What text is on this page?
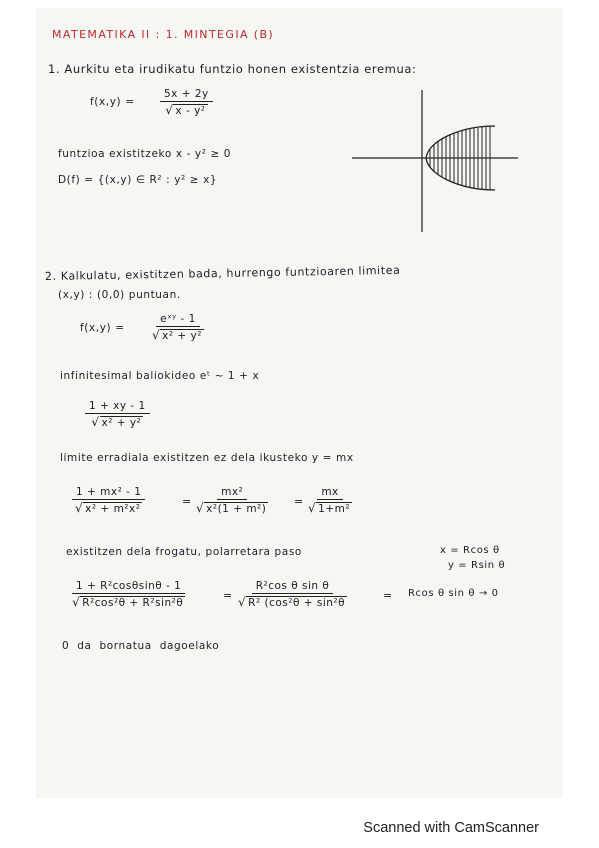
MATEMATIKA II : 1. MINTEGIA (B)
1. Aurkitu eta irudikatu funtzio honen existentzia eremua:
$f(x,y) = \frac{5x + 2y}{\text{√ x - y²}}$
funtzioa existitzeko x - y² ≥ 0
D(f) = {(x,y) ∈ R² : y² ≥ x}
2. Kalkulatu, existitzen bada, hurrengo funtzioaren limitea
(x,y) : (0,0) puntuan.
f(x,y) =
eˣʸ - 1
√ x² + y²
infinitesimal baliokideo eᵗ ~ 1 + x
$\frac{1 + xy - 1}{\text{√ x² + y²}}$
limite erradiala existitzen ez dela ikusteko y = mx
$\frac{\text{1 + mx² - 1}}{\text{√ x² + m²x²}}$	= $\frac{\text{mx²}}{\text{√ x²(1 + m²)}} = \frac{mx}{\text{√ 1+m²}}$
existitzen dela frogatu, polarretara paso	x = Rcos θ
y = Rsin θ
$\frac{\text{1 + R²cosθsinθ - 1}}{\text{√ R²cos²θ + R²sin²θ}}$	= $\frac{\text{R²cos θ sin θ}}{\text{√ R² (cos²θ + sin²θ}}$	= Rcos θ sin θ → 0
0 da bornatua dagoelako
Scanned with CamScanner
